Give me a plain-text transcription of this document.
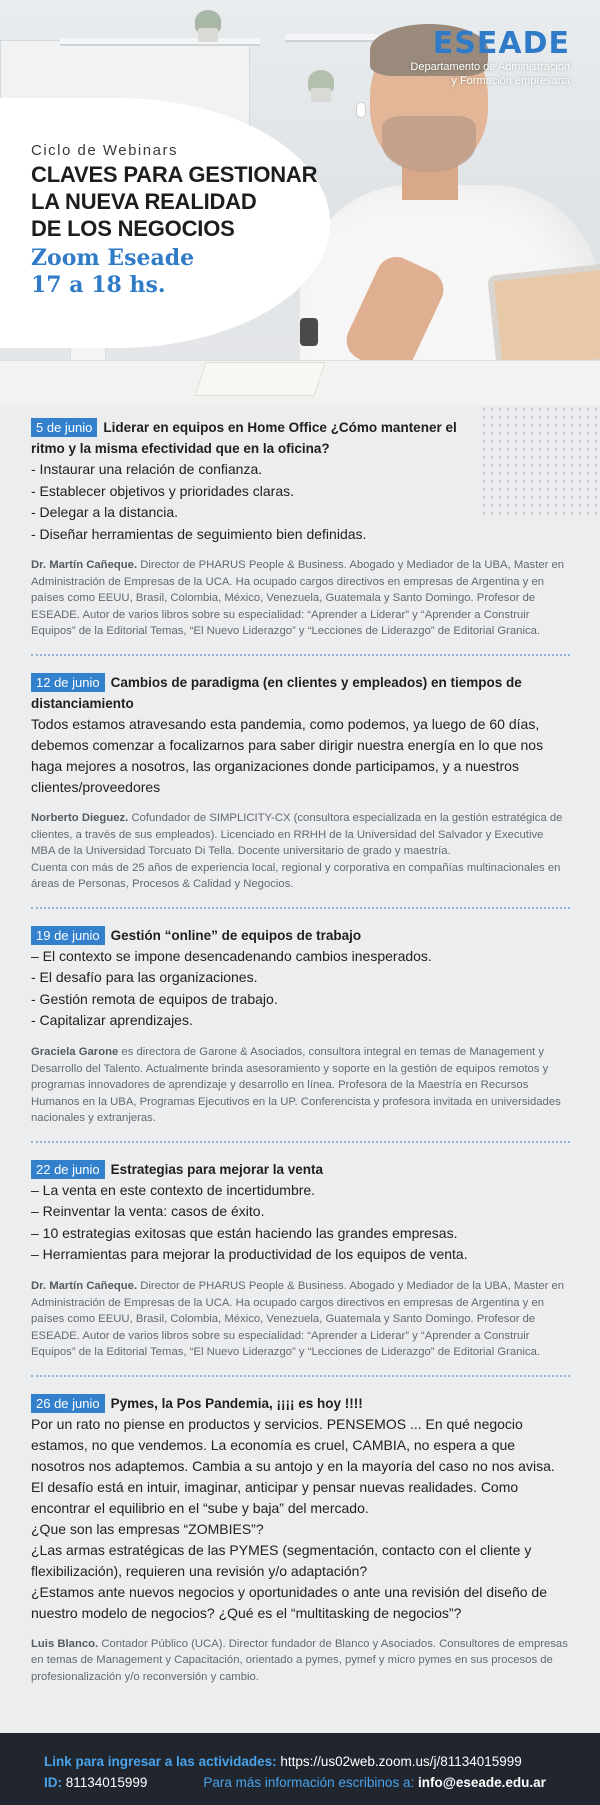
ESEADE
Departamento de Administración
y Formación empresaria
Ciclo de Webinars
CLAVES PARA GESTIONAR
LA NUEVA REALIDAD
DE LOS NEGOCIOS
Zoom Eseade
17 a 18 hs.
5 de junio Liderar en equipos en Home Office ¿Cómo mantener el ritmo y la misma efectividad que en la oficina?
- Instaurar una relación de confianza.
- Establecer objetivos y prioridades claras.
- Delegar a la distancia.
- Diseñar herramientas de seguimiento bien definidas.

Dr. Martín Cañeque. Director de PHARUS People & Business. Abogado y Mediador de la UBA, Master en Administración de Empresas de la UCA. Ha ocupado cargos directivos en empresas de Argentina y en países como EEUU, Brasil, Colombia, México, Venezuela, Guatemala y Santo Domingo. Profesor de ESEADE. Autor de varios libros sobre su especialidad: “Aprender a Liderar” y “Aprender a Construir Equipos” de la Editorial Temas, “El Nuevo Liderazgo” y “Lecciones de Liderazgo” de Editorial Granica.

12 de junio Cambios de paradigma (en clientes y empleados) en tiempos de distanciamiento

Todos estamos atravesando esta pandemia, como podemos, ya luego de 60 días, debemos comenzar a focalizarnos para saber dirigir nuestra energía en lo que nos haga mejores a nosotros, las organizaciones donde participamos, y a nuestros clientes/proveedores

Norberto Dieguez. Cofundador de SIMPLICITY-CX (consultora especializada en la gestión estratégica de clientes, a través de sus empleados). Licenciado en RRHH de la Universidad del Salvador y Executive MBA de la Universidad Torcuato Di Tella. Docente universitario de grado y maestría.
Cuenta con más de 25 años de experiencia local, regional y corporativa en compañías multinacionales en áreas de Personas, Procesos & Calidad y Negocios.

19 de junio Gestión “online” de equipos de trabajo
– El contexto se impone desencadenando cambios inesperados.
- El desafío para las organizaciones.
- Gestión remota de equipos de trabajo.
- Capitalizar aprendizajes.

Graciela Garone es directora de Garone & Asociados, consultora integral en temas de Management y Desarrollo del Talento. Actualmente brinda asesoramiento y soporte en la gestión de equipos remotos y programas innovadores de aprendizaje y desarrollo en línea. Profesora de la Maestría en Recursos Humanos en la UBA, Programas Ejecutivos en la UP. Conferencista y profesora invitada en universidades nacionales y extranjeras.

22 de junio Estrategias para mejorar la venta
– La venta en este contexto de incertidumbre.
– Reinventar la venta: casos de éxito.
– 10 estrategias exitosas que están haciendo las grandes empresas.
– Herramientas para mejorar la productividad de los equipos de venta.

Dr. Martín Cañeque. Director de PHARUS People & Business. Abogado y Mediador de la UBA, Master en Administración de Empresas de la UCA. Ha ocupado cargos directivos en empresas de Argentina y en países como EEUU, Brasil, Colombia, México, Venezuela, Guatemala y Santo Domingo. Profesor de ESEADE. Autor de varios libros sobre su especialidad: “Aprender a Liderar” y “Aprender a Construir Equipos” de la Editorial Temas, “El Nuevo Liderazgo” y “Lecciones de Liderazgo” de Editorial Granica.

26 de junio Pymes, la Pos Pandemia, ¡¡¡¡ es hoy !!!!

Por un rato no piense en productos y servicios. PENSEMOS ... En qué negocio estamos, no que vendemos. La economía es cruel, CAMBIA, no espera a que nosotros nos adaptemos. Cambia a su antojo y en la mayoría del caso no nos avisa. El desafío está en intuir, imaginar, anticipar y pensar nuevas realidades. Como encontrar el equilibrio en el “sube y baja” del mercado.

¿Que son las empresas “ZOMBIES”?

¿Las armas estratégicas de las PYMES (segmentación, contacto con el cliente y flexibilización), requieren una revisión y/o adaptación?

¿Estamos ante nuevos negocios y oportunidades o ante una revisión del diseño de nuestro modelo de negocios? ¿Qué es el “multitasking de negocios”?

Luis Blanco. Contador Público (UCA). Director fundador de Blanco y Asociados. Consultores de empresas en temas de Management y Capacitación, orientado a pymes, pymef y micro pymes en sus procesos de profesionalización y/o reconversión y cambio.

Link para ingresar a las actividades: https://us02web.zoom.us/j/81134015999
ID: 81134015999	Para más información escribinos a: info@eseade.edu.ar
